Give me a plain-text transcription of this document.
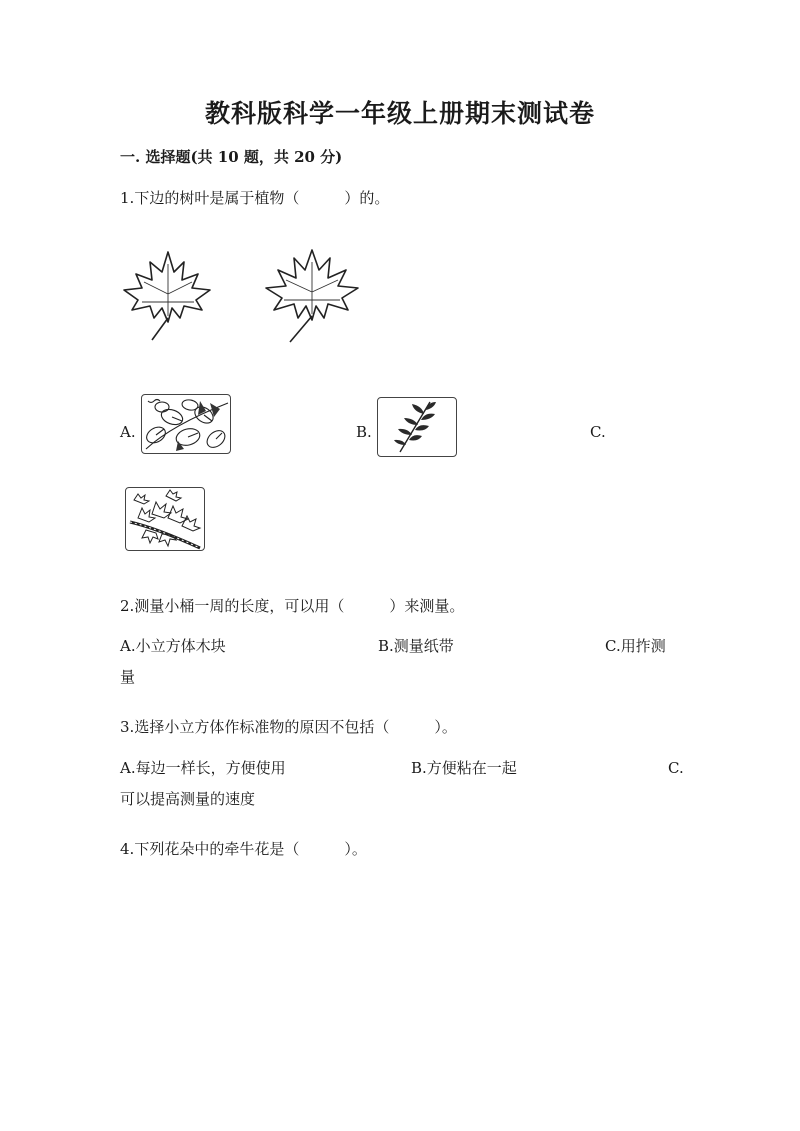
教科版科学一年级上册期末测试卷
一. 选择题(共 10 题，共 20 分)
1.下边的树叶是属于植物（　　　）的。
A.	B.	C.
2.测量小桶一周的长度，可以用（　　　）来测量。
A.小立方体木块	B.测量纸带	C.用拃测
量
3.选择小立方体作标准物的原因不包括（　　　）。
A.每边一样长，方便使用	B.方便粘在一起	C.
可以提高测量的速度
4.下列花朵中的牵牛花是（　　　）。
